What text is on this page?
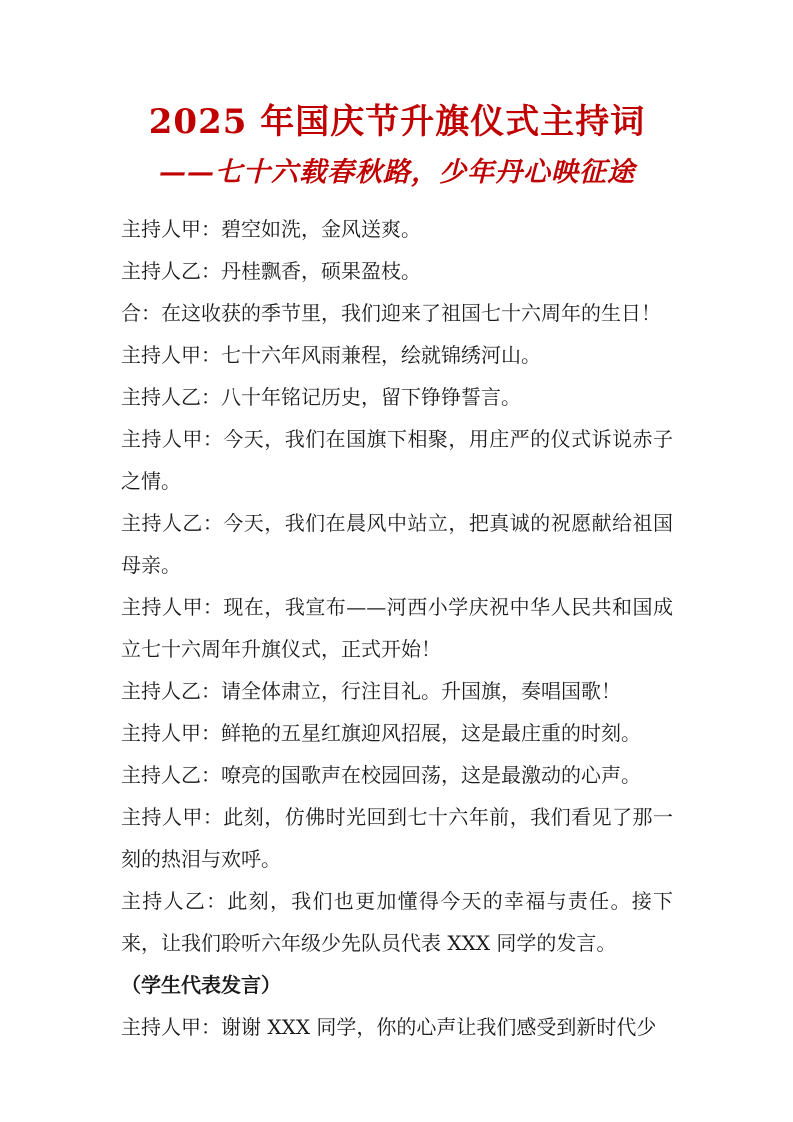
2025 年国庆节升旗仪式主持词
——七十六载春秋路，少年丹心映征途

主持人甲：碧空如洗，金风送爽。

主持人乙：丹桂飘香，硕果盈枝。

合：在这收获的季节里，我们迎来了祖国七十六周年的生日！

主持人甲：七十六年风雨兼程，绘就锦绣河山。

主持人乙：八十年铭记历史，留下铮铮誓言。

主持人甲：今天，我们在国旗下相聚，用庄严的仪式诉说赤子之情。

主持人乙：今天，我们在晨风中站立，把真诚的祝愿献给祖国母亲。

主持人甲：现在，我宣布——河西小学庆祝中华人民共和国成立七十六周年升旗仪式，正式开始！

主持人乙：请全体肃立，行注目礼。升国旗，奏唱国歌！

主持人甲：鲜艳的五星红旗迎风招展，这是最庄重的时刻。

主持人乙：嘹亮的国歌声在校园回荡，这是最激动的心声。

主持人甲：此刻，仿佛时光回到七十六年前，我们看见了那一刻的热泪与欢呼。

主持人乙：此刻，我们也更加懂得今天的幸福与责任。接下来，让我们聆听六年级少先队员代表 XXX 同学的发言。

（学生代表发言）

主持人甲：谢谢 XXX 同学，你的心声让我们感受到新时代少
